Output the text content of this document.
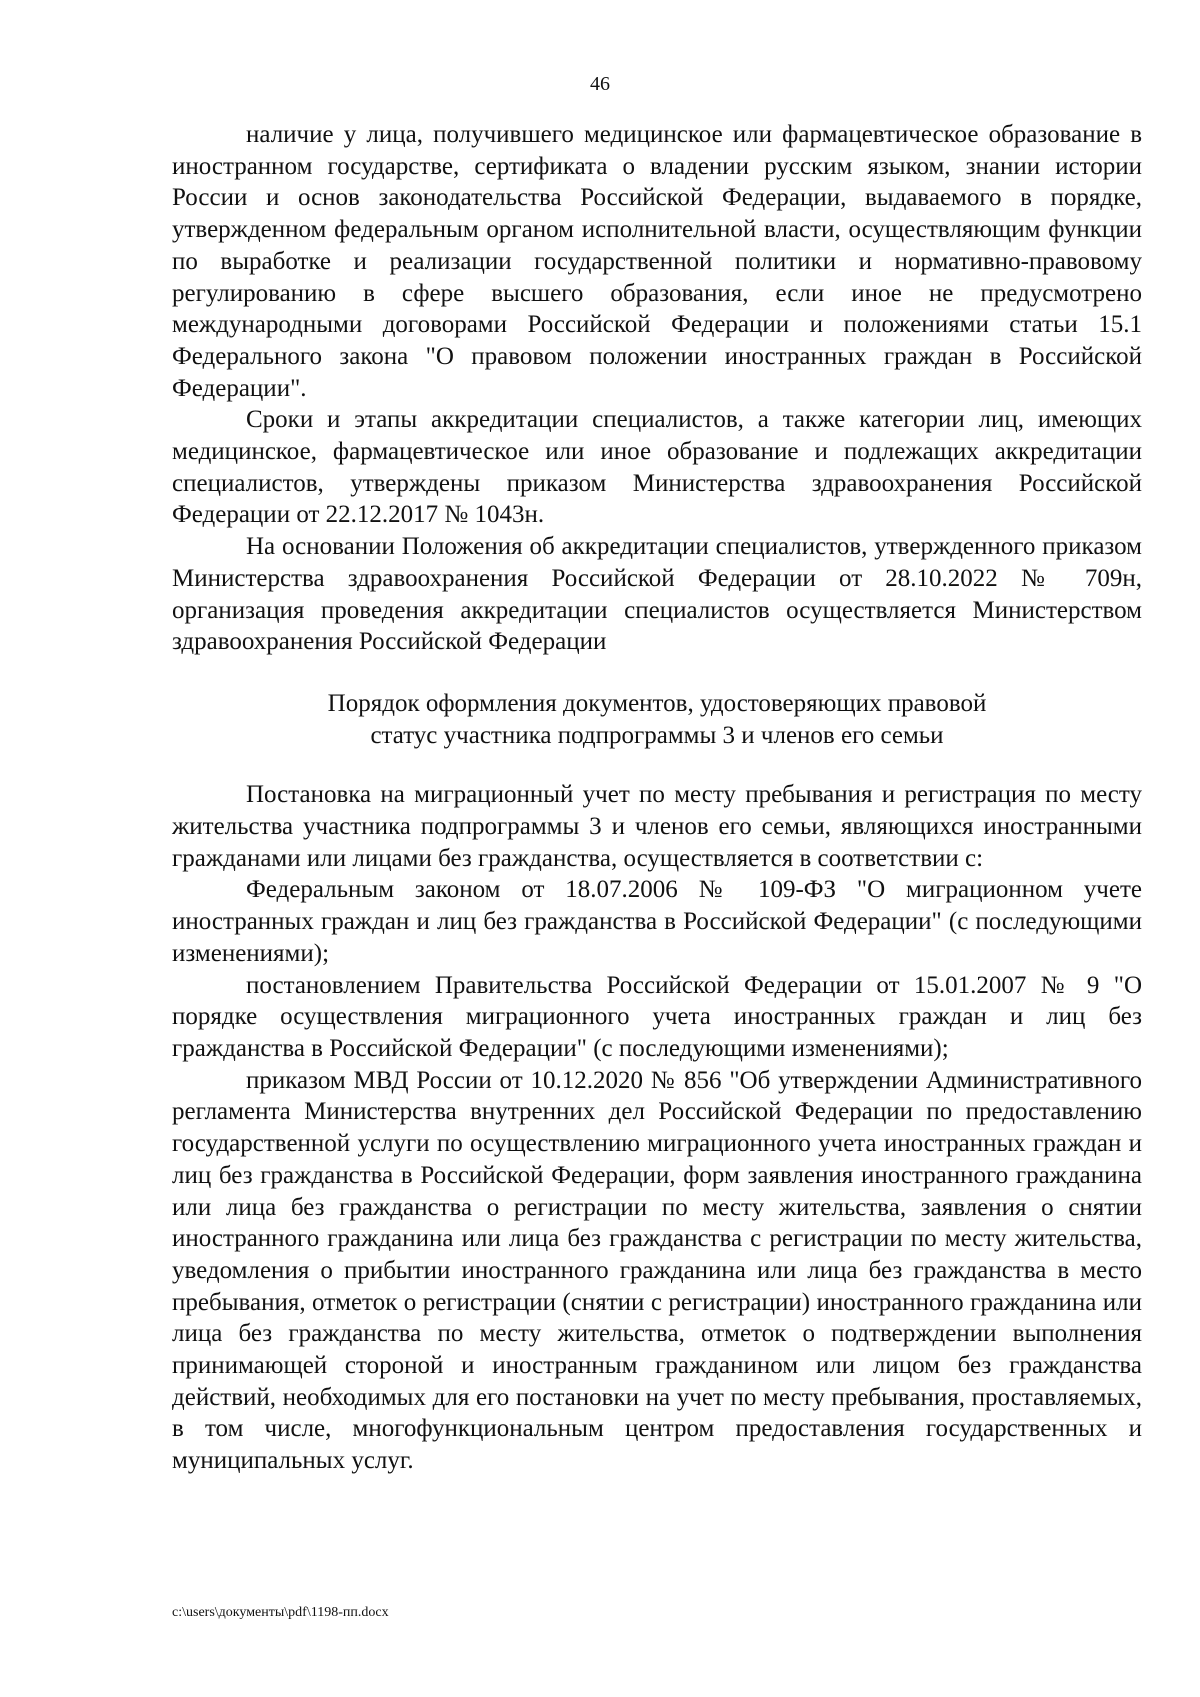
46

наличие у лица, получившего медицинское или фармацевтическое образование в иностранном государстве, сертификата о владении русским языком, знании истории России и основ законодательства Российской Федерации, выдаваемого в порядке, утвержденном федеральным органом исполнительной власти, осуществляющим функции по выработке и реализации государственной политики и нормативно-правовому регулированию в сфере высшего образования, если иное не предусмотрено международными договорами Российской Федерации и положениями статьи 15.1 Федерального закона "О правовом положении иностранных граждан в Российской Федерации".

Сроки и этапы аккредитации специалистов, а также категории лиц, имеющих медицинское, фармацевтическое или иное образование и подлежащих аккредитации специалистов, утверждены приказом Министерства здравоохранения Российской Федерации от 22.12.2017 № 1043н.

На основании Положения об аккредитации специалистов, утвержденного приказом Министерства здравоохранения Российской Федерации от 28.10.2022 № 709н, организация проведения аккредитации специалистов осуществляется Министерством здравоохранения Российской Федерации

Порядок оформления документов, удостоверяющих правовой
статус участника подпрограммы 3 и членов его семьи

Постановка на миграционный учет по месту пребывания и регистрация по месту жительства участника подпрограммы 3 и членов его семьи, являющихся иностранными гражданами или лицами без гражданства, осуществляется в соответствии с:

Федеральным законом от 18.07.2006 № 109-ФЗ "О миграционном учете иностранных граждан и лиц без гражданства в Российской Федерации" (с последующими изменениями);

постановлением Правительства Российской Федерации от 15.01.2007 № 9 "О порядке осуществления миграционного учета иностранных граждан и лиц без гражданства в Российской Федерации" (с последующими изменениями);

приказом МВД России от 10.12.2020 № 856 "Об утверждении Административного регламента Министерства внутренних дел Российской Федерации по предоставлению государственной услуги по осуществлению миграционного учета иностранных граждан и лиц без гражданства в Российской Федерации, форм заявления иностранного гражданина или лица без гражданства о регистрации по месту жительства, заявления о снятии иностранного гражданина или лица без гражданства с регистрации по месту жительства, уведомления о прибытии иностранного гражданина или лица без гражданства в место пребывания, отметок о регистрации (снятии с регистрации) иностранного гражданина или лица без гражданства по месту жительства, отметок о подтверждении выполнения принимающей стороной и иностранным гражданином или лицом без гражданства действий, необходимых для его постановки на учет по месту пребывания, проставляемых, в том числе, многофункциональным центром предоставления государственных и муниципальных услуг.

c:\users\документы\pdf\1198-пп.docx
